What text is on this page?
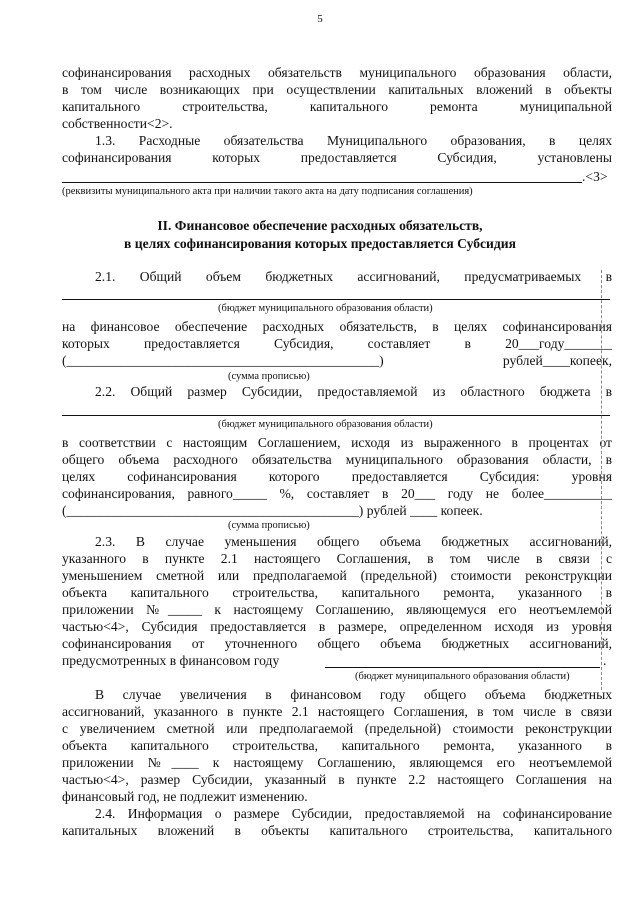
5
софинансирования расходных обязательств муниципального образования области,
в том числе возникающих при осуществлении капитальных вложений в объекты
капитального строительства, капитального ремонта муниципальной
собственности<2>.
1.3. Расходные обязательства Муниципального образования, в целях
софинансирования которых предоставляется Субсидия, установлены
.<3>
(реквизиты муниципального акта при наличии такого акта на дату подписания соглашения)
II. Финансовое обеспечение расходных обязательств,
в целях софинансирования которых предоставляется Субсидия
2.1. Общий объем бюджетных ассигнований, предусматриваемых в
(бюджет муниципального образования области)
на финансовое обеспечение расходных обязательств, в целях софинансирования
которых предоставляется Субсидия, составляет в 20___году_______
(______________________________________________) рублей____копеек,
(сумма прописью)
2.2. Общий размер Субсидии, предоставляемой из областного бюджета в
(бюджет муниципального образования области)
в соответствии с настоящим Соглашением, исходя из выраженного в процентах от
общего объема расходного обязательства муниципального образования области, в
целях софинансирования которого предоставляется Субсидия: уровня
софинансирования, равного_____ %, составляет в 20___ году не более__________
(___________________________________________) рублей ____ копеек.
(сумма прописью)
2.3. В случае уменьшения общего объема бюджетных ассигнований,
указанного в пункте 2.1 настоящего Соглашения, в том числе в связи с
уменьшением сметной или предполагаемой (предельной) стоимости реконструкции
объекта капитального строительства, капитального ремонта, указанного в
приложении №_____ к настоящему Соглашению, являющемуся его неотъемлемой
частью<4>, Субсидия предоставляется в размере, определенном исходя из уровня
софинансирования от уточненного общего объема бюджетных ассигнований,
предусмотренных в финансовом году	.
(бюджет муниципального образования области)
В случае увеличения в финансовом году общего объема бюджетных
ассигнований, указанного в пункте 2.1 настоящего Соглашения, в том числе в связи
с увеличением сметной или предполагаемой (предельной) стоимости реконструкции
объекта капитального строительства, капитального ремонта, указанного в
приложении №____ к настоящему Соглашению, являющемся его неотъемлемой
частью<4>, размер Субсидии, указанный в пункте 2.2 настоящего Соглашения на
финансовый год, не подлежит изменению.
2.4. Информация о размере Субсидии, предоставляемой на софинансирование
капитальных вложений в объекты капитального строительства, капитального
